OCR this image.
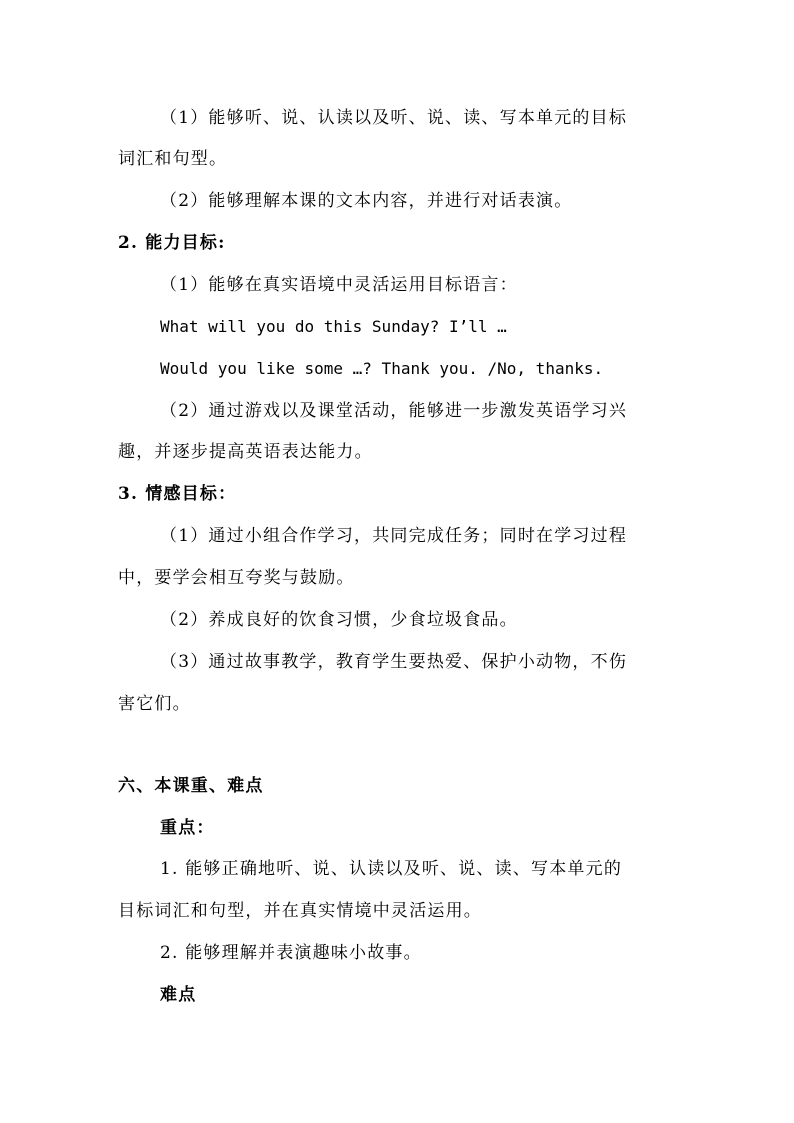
（1）能够听、说、认读以及听、说、读、写本单元的目标
词汇和句型。
（2）能够理解本课的文本内容，并进行对话表演。
2. 能力目标:
（1）能够在真实语境中灵活运用目标语言：
What will you do this Sunday? I’ll …
Would you like some …? Thank you. /No, thanks.
（2）通过游戏以及课堂活动，能够进一步激发英语学习兴
趣，并逐步提高英语表达能力。
3. 情感目标：
（1）通过小组合作学习，共同完成任务；同时在学习过程
中，要学会相互夸奖与鼓励。
（2）养成良好的饮食习惯，少食垃圾食品。
（3）通过故事教学，教育学生要热爱、保护小动物，不伤
害它们。
六、本课重、难点
重点：
1. 能够正确地听、说、认读以及听、说、读、写本单元的
目标词汇和句型，并在真实情境中灵活运用。
2. 能够理解并表演趣味小故事。
难点
